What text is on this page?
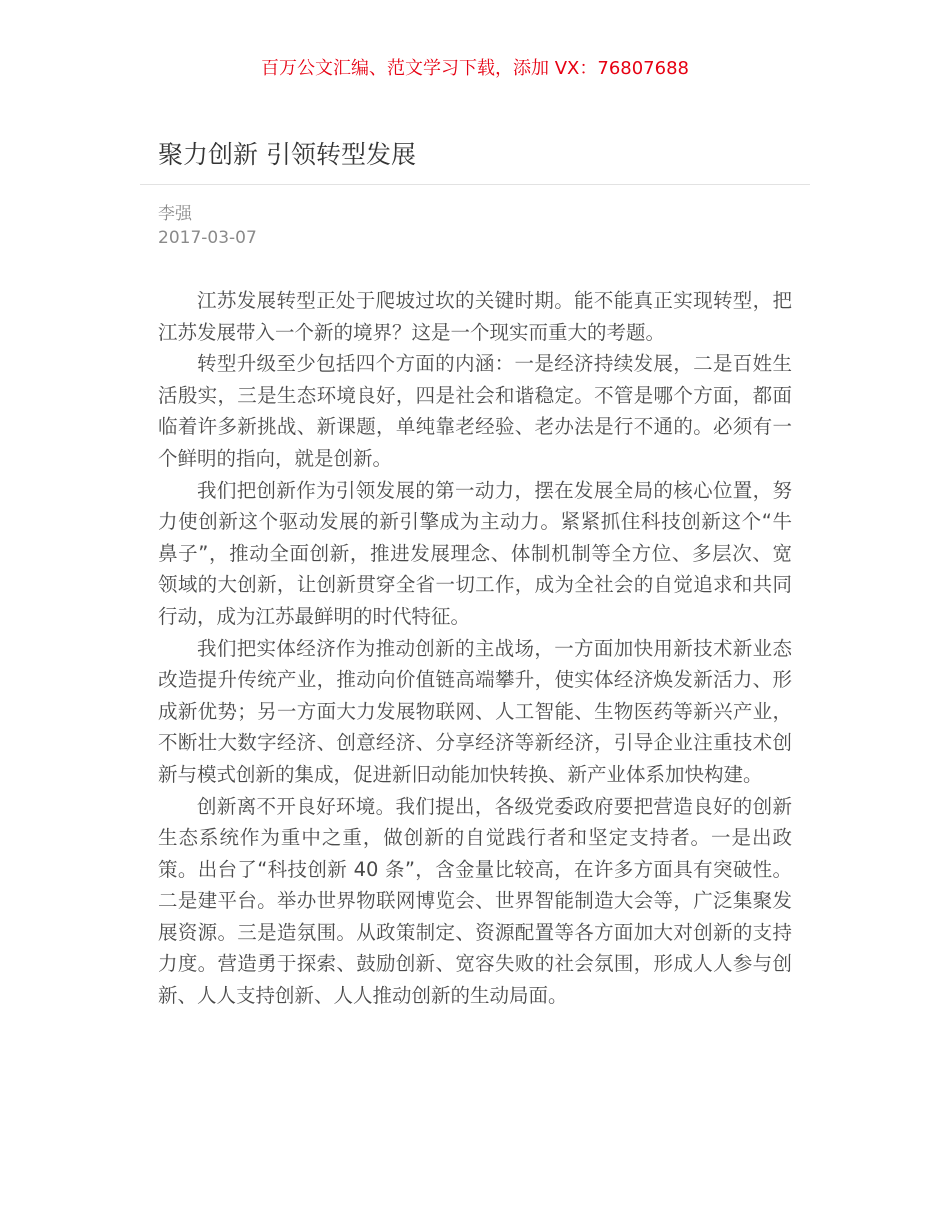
百万公文汇编、范文学习下载，添加 VX：76807688
聚力创新 引领转型发展
李强
2017-03-07

江苏发展转型正处于爬坡过坎的关键时期。能不能真正实现转型，把江苏发展带入一个新的境界？这是一个现实而重大的考题。

转型升级至少包括四个方面的内涵：一是经济持续发展，二是百姓生活殷实，三是生态环境良好，四是社会和谐稳定。不管是哪个方面，都面临着许多新挑战、新课题，单纯靠老经验、老办法是行不通的。必须有一个鲜明的指向，就是创新。

我们把创新作为引领发展的第一动力，摆在发展全局的核心位置，努力使创新这个驱动发展的新引擎成为主动力。紧紧抓住科技创新这个“牛鼻子”，推动全面创新，推进发展理念、体制机制等全方位、多层次、宽领域的大创新，让创新贯穿全省一切工作，成为全社会的自觉追求和共同行动，成为江苏最鲜明的时代特征。

我们把实体经济作为推动创新的主战场，一方面加快用新技术新业态改造提升传统产业，推动向价值链高端攀升，使实体经济焕发新活力、形成新优势；另一方面大力发展物联网、人工智能、生物医药等新兴产业，不断壮大数字经济、创意经济、分享经济等新经济，引导企业注重技术创新与模式创新的集成，促进新旧动能加快转换、新产业体系加快构建。

创新离不开良好环境。我们提出，各级党委政府要把营造良好的创新生态系统作为重中之重，做创新的自觉践行者和坚定支持者。一是出政策。出台了“科技创新 40 条”，含金量比较高，在许多方面具有突破性。二是建平台。举办世界物联网博览会、世界智能制造大会等，广泛集聚发展资源。三是造氛围。从政策制定、资源配置等各方面加大对创新的支持力度。营造勇于探索、鼓励创新、宽容失败的社会氛围，形成人人参与创新、人人支持创新、人人推动创新的生动局面。
